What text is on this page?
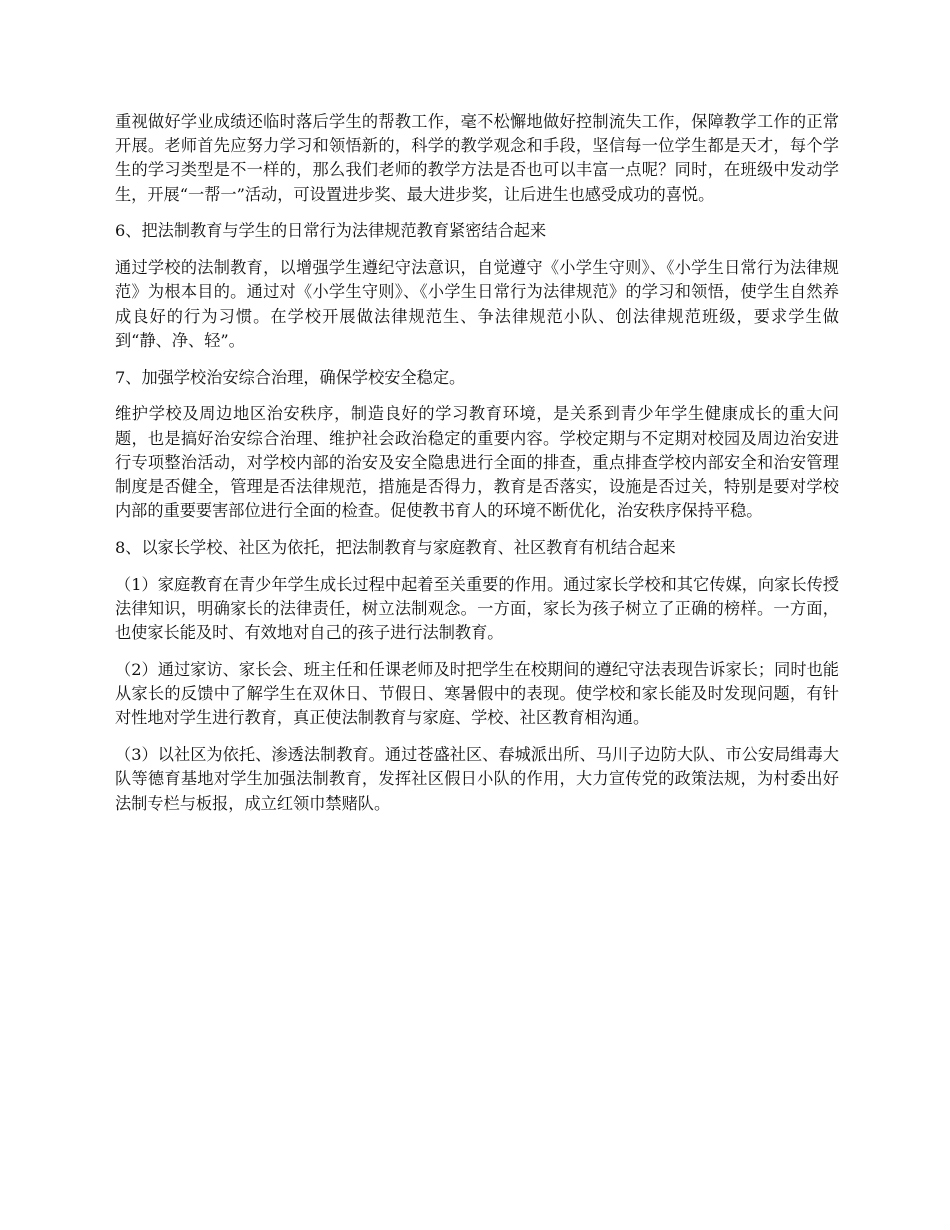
重视做好学业成绩还临时落后学生的帮教工作，毫不松懈地做好控制流失工作，保障教学工作的正常开展。老师首先应努力学习和领悟新的，科学的教学观念和手段，坚信每一位学生都是天才，每个学生的学习类型是不一样的，那么我们老师的教学方法是否也可以丰富一点呢？同时，在班级中发动学生，开展“一帮一”活动，可设置进步奖、最大进步奖，让后进生也感受成功的喜悦。

6、把法制教育与学生的日常行为法律规范教育紧密结合起来

通过学校的法制教育，以增强学生遵纪守法意识，自觉遵守《小学生守则》、《小学生日常行为法律规范》为根本目的。通过对《小学生守则》、《小学生日常行为法律规范》的学习和领悟，使学生自然养成良好的行为习惯。在学校开展做法律规范生、争法律规范小队、创法律规范班级，要求学生做到“静、净、轻”。

7、加强学校治安综合治理，确保学校安全稳定。

维护学校及周边地区治安秩序，制造良好的学习教育环境，是关系到青少年学生健康成长的重大问题，也是搞好治安综合治理、维护社会政治稳定的重要内容。学校定期与不定期对校园及周边治安进行专项整治活动，对学校内部的治安及安全隐患进行全面的排查，重点排查学校内部安全和治安管理制度是否健全，管理是否法律规范，措施是否得力，教育是否落实，设施是否过关，特别是要对学校内部的重要要害部位进行全面的检查。促使教书育人的环境不断优化，治安秩序保持平稳。

8、以家长学校、社区为依托，把法制教育与家庭教育、社区教育有机结合起来

（1）家庭教育在青少年学生成长过程中起着至关重要的作用。通过家长学校和其它传媒，向家长传授法律知识，明确家长的法律责任，树立法制观念。一方面，家长为孩子树立了正确的榜样。一方面，也使家长能及时、有效地对自己的孩子进行法制教育。

（2）通过家访、家长会、班主任和任课老师及时把学生在校期间的遵纪守法表现告诉家长；同时也能从家长的反馈中了解学生在双休日、节假日、寒暑假中的表现。使学校和家长能及时发现问题，有针对性地对学生进行教育，真正使法制教育与家庭、学校、社区教育相沟通。

（3）以社区为依托、渗透法制教育。通过苍盛社区、春城派出所、马川子边防大队、市公安局缉毒大队等德育基地对学生加强法制教育，发挥社区假日小队的作用，大力宣传党的政策法规，为村委出好法制专栏与板报，成立红领巾禁赌队。
